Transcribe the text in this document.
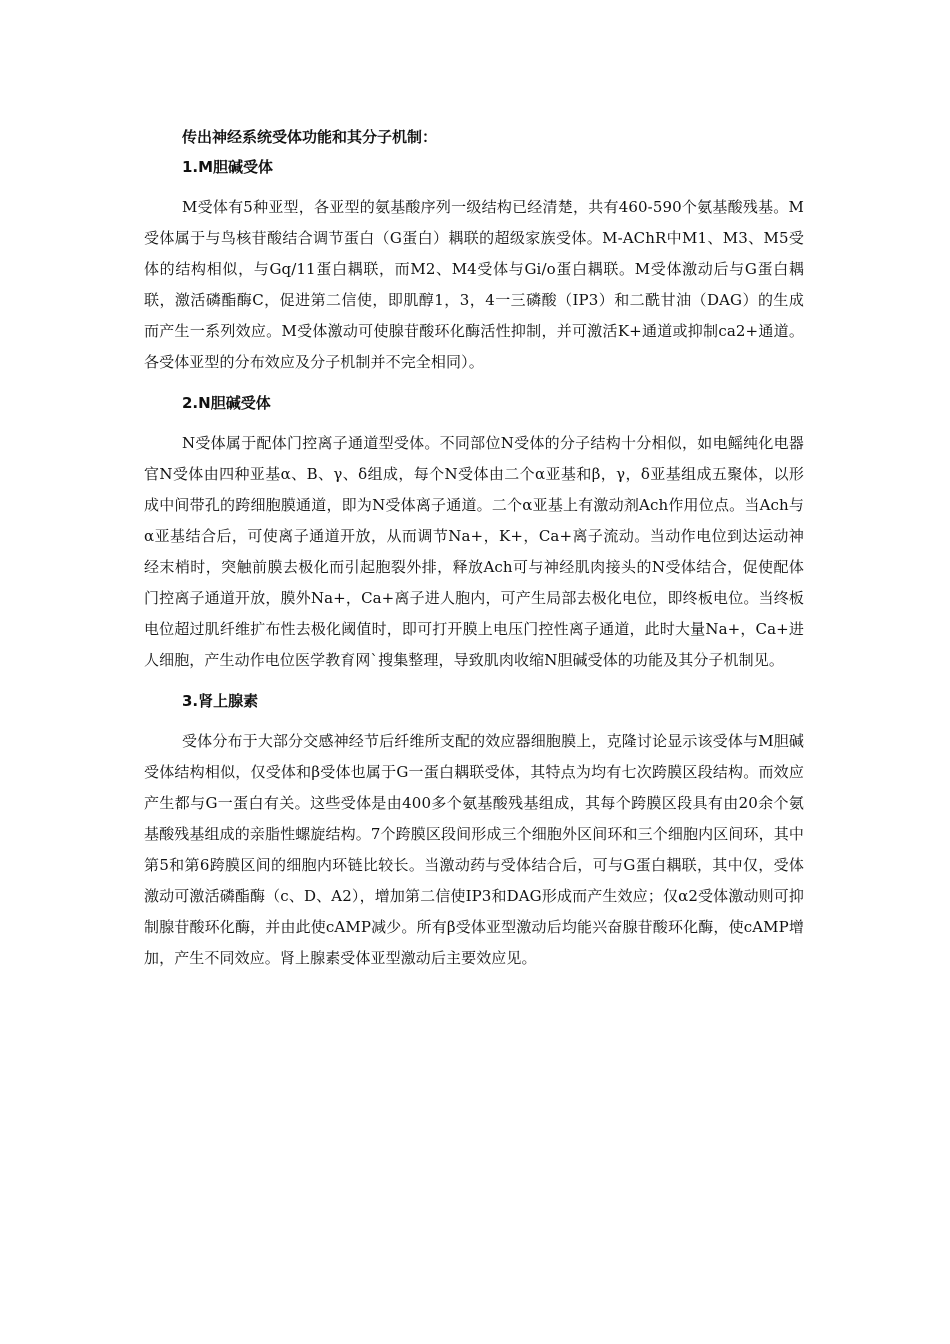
传出神经系统受体功能和其分子机制：
1.M胆碱受体

M受体有5种亚型，各亚型的氨基酸序列一级结构已经清楚，共有460-590个氨基酸残基。M受体属于与鸟核苷酸结合调节蛋白（G蛋白）耦联的超级家族受体。M-AChR中M1、M3、M5受体的结构相似，与Gq/11蛋白耦联，而M2、M4受体与Gi/o蛋白耦联。M受体激动后与G蛋白耦联，激活磷酯酶C，促进第二信使，即肌醇1，3，4一三磷酸（IP3）和二酰甘油（DAG）的生成而产生一系列效应。M受体激动可使腺苷酸环化酶活性抑制，并可激活K+通道或抑制ca2+通道。各受体亚型的分布效应及分子机制并不完全相同）。

2.N胆碱受体

N受体属于配体门控离子通道型受体。不同部位N受体的分子结构十分相似，如电鳐纯化电器官N受体由四种亚基α、Β、γ、δ组成，每个N受体由二个α亚基和β，γ，δ亚基组成五聚体，以形成中间带孔的跨细胞膜通道，即为N受体离子通道。二个α亚基上有激动剂Ach作用位点。当Ach与α亚基结合后，可使离子通道开放，从而调节Na+，K+，Ca+离子流动。当动作电位到达运动神经末梢时，突触前膜去极化而引起胞裂外排，释放Ach可与神经肌肉接头的N受体结合，促使配体门控离子通道开放，膜外Na+，Ca+离子进人胞内，可产生局部去极化电位，即终板电位。当终板电位超过肌纤维扩布性去极化阈值时，即可打开膜上电压门控性离子通道，此时大量Na+，Ca+进人细胞，产生动作电位医学教育网`搜集整理，导致肌肉收缩N胆碱受体的功能及其分子机制见。

3.肾上腺素

受体分布于大部分交感神经节后纤维所支配的效应器细胞膜上，克隆讨论显示该受体与M胆碱受体结构相似，仅受体和β受体也属于G一蛋白耦联受体，其特点为均有七次跨膜区段结构。而效应产生都与G一蛋白有关。这些受体是由400多个氨基酸残基组成，其每个跨膜区段具有由20余个氨基酸残基组成的亲脂性螺旋结构。7个跨膜区段间形成三个细胞外区间环和三个细胞内区间环，其中第5和第6跨膜区间的细胞内环链比较长。当激动药与受体结合后，可与G蛋白耦联，其中仅，受体激动可激活磷酯酶（c、D、A2），增加第二信使IP3和DAG形成而产生效应；仅α2受体激动则可抑制腺苷酸环化酶，并由此使cAMP减少。所有β受体亚型激动后均能兴奋腺苷酸环化酶，使cAMP增加，产生不同效应。肾上腺素受体亚型激动后主要效应见。
